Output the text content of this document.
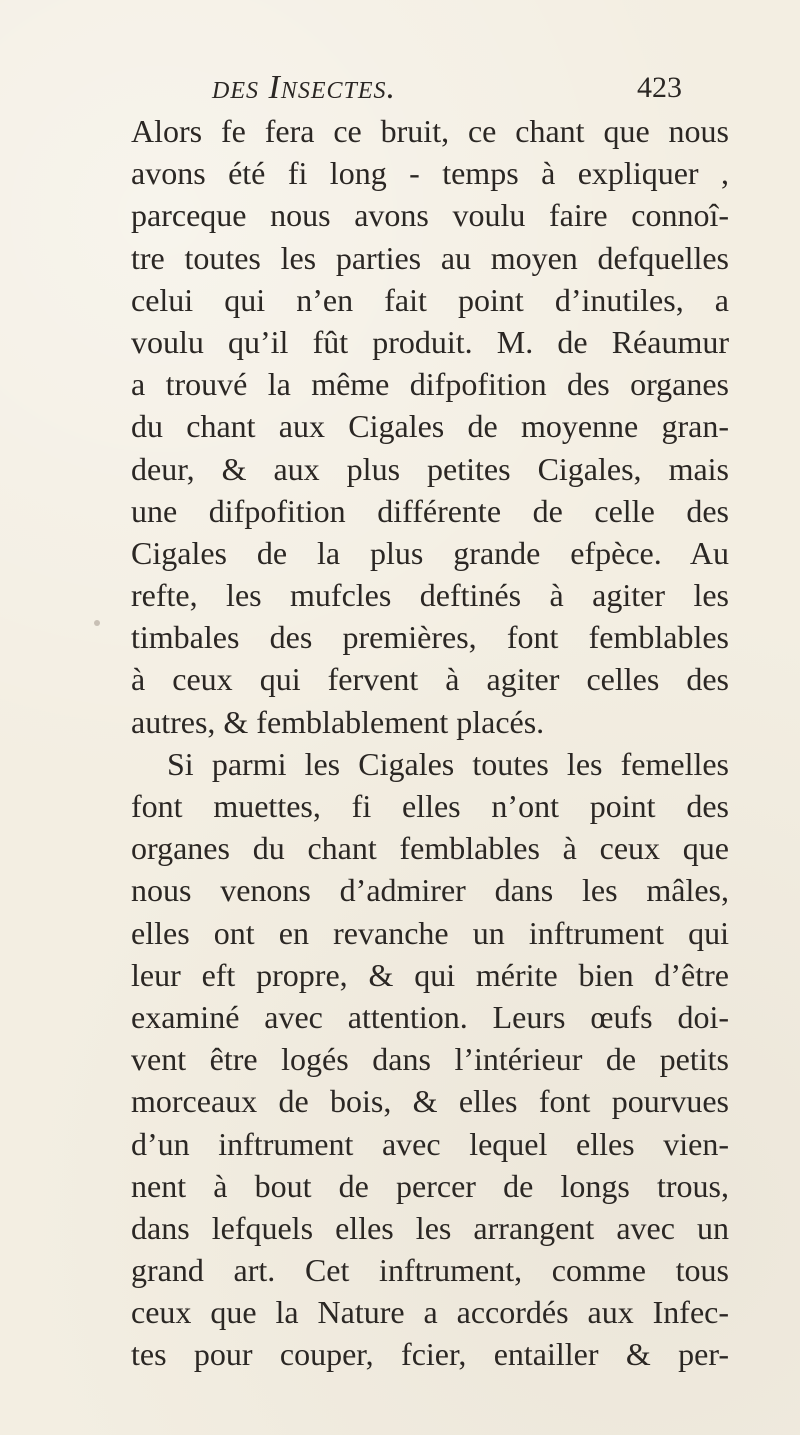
des Insectes.	423
Alors fe fera ce bruit, ce chant que nous
avons été fi long - temps à expliquer ,
parceque nous avons voulu faire connoî-
tre toutes les parties au moyen defquelles
celui qui n’en fait point d’inutiles, a
voulu qu’il fût produit. M. de Réaumur
a trouvé la même difpofition des organes
du chant aux Cigales de moyenne gran-
deur, & aux plus petites Cigales, mais
une difpofition différente de celle des
Cigales de la plus grande efpèce. Au
refte, les mufcles deftinés à agiter les
timbales des premières, font femblables
à ceux qui fervent à agiter celles des
autres, & femblablement placés.
Si parmi les Cigales toutes les femelles
font muettes, fi elles n’ont point des
organes du chant femblables à ceux que
nous venons d’admirer dans les mâles,
elles ont en revanche un inftrument qui
leur eft propre, & qui mérite bien d’être
examiné avec attention. Leurs œufs doi-
vent être logés dans l’intérieur de petits
morceaux de bois, & elles font pourvues
d’un inftrument avec lequel elles vien-
nent à bout de percer de longs trous,
dans lefquels elles les arrangent avec un
grand art. Cet inftrument, comme tous
ceux que la Nature a accordés aux Infec-
tes pour couper, fcier, entailler & per-
